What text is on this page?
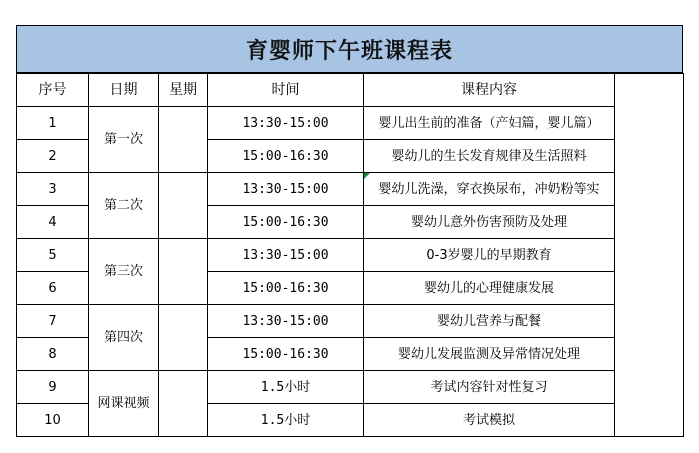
育婴师下午班课程表
序号	日期	星期	时间	课程内容	
1	第一次		13:30-15:00	婴儿出生前的准备（产妇篇，婴儿篇）	
2			15:00-16:30	婴幼儿的生长发育规律及生活照料	
3	第二次		13:30-15:00	婴幼儿洗澡，穿衣换尿布，冲奶粉等实	
4			15:00-16:30	婴幼儿意外伤害预防及处理	
5	第三次		13:30-15:00	0-3岁婴儿的早期教育	
6			15:00-16:30	婴幼儿的心理健康发展	
7	第四次		13:30-15:00	婴幼儿营养与配餐	
8			15:00-16:30	婴幼儿发展监测及异常情况处理	
9	网课视频		1.5小时	考试内容针对性复习	
10			1.5小时	考试模拟	
